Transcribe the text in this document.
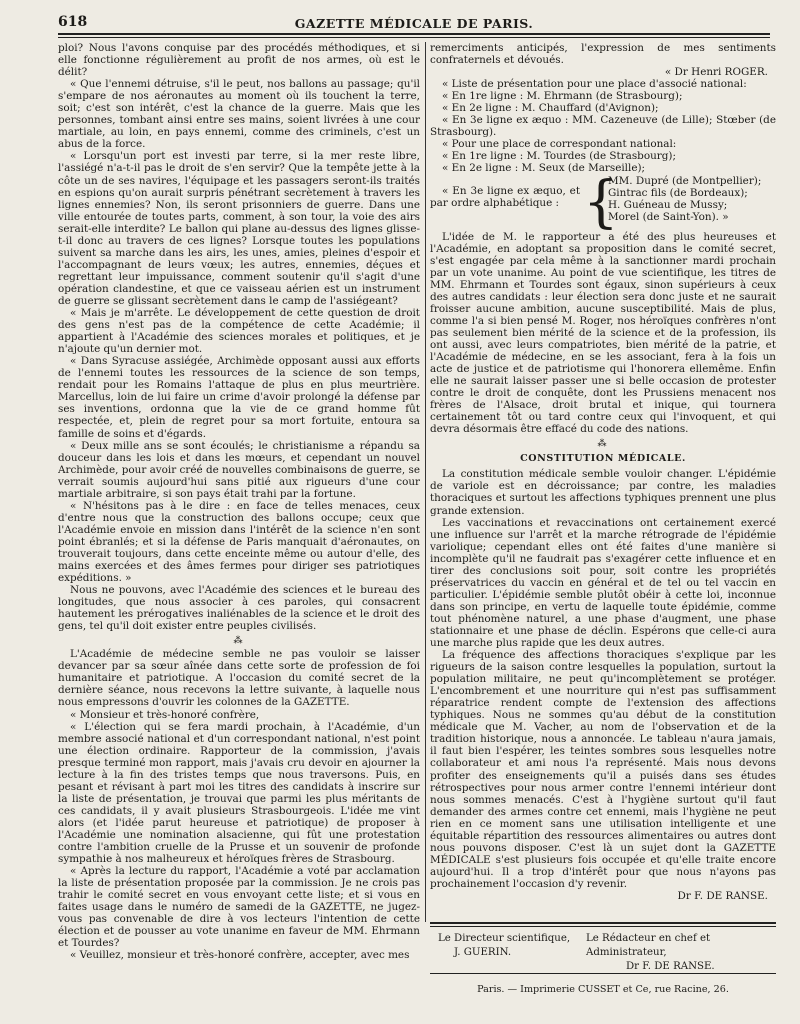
618	GAZETTE MÉDICALE DE PARIS.

ploi? Nous l'avons conquise par des procédés méthodiques, et si elle fonctionne régulièrement au profit de nos armes, où est le délit?

« Que l'ennemi détruise, s'il le peut, nos ballons au passage; qu'il s'empare de nos aéronautes au moment où ils touchent la terre, soit; c'est son intérêt, c'est la chance de la guerre. Mais que les personnes, tombant ainsi entre ses mains, soient livrées à une cour martiale, au loin, en pays ennemi, comme des criminels, c'est un abus de la force.

« Lorsqu'un port est investi par terre, si la mer reste libre, l'assiégé n'a-t-il pas le droit de s'en servir? Que la tempête jette à la côte un de ses navires, l'équipage et les passagers seront-ils traités en espions qu'on aurait surpris pénétrant secrètement à travers les lignes ennemies? Non, ils seront prisonniers de guerre. Dans une ville entourée de toutes parts, comment, à son tour, la voie des airs serait-elle interdite? Le ballon qui plane au-dessus des lignes glisse-t-il donc au travers de ces lignes? Lorsque toutes les populations suivent sa marche dans les airs, les unes, amies, pleines d'espoir et l'accompagnant de leurs vœux; les autres, ennemies, déçues et regrettant leur impuissance, comment soutenir qu'il s'agit d'une opération clandestine, et que ce vaisseau aérien est un instrument de guerre se glissant secrètement dans le camp de l'assiégeant?

« Mais je m'arrête. Le développement de cette question de droit des gens n'est pas de la compétence de cette Académie; il appartient à l'Académie des sciences morales et politiques, et je n'ajoute qu'un dernier mot.

« Dans Syracuse assiégée, Archimède opposant aussi aux efforts de l'ennemi toutes les ressources de la science de son temps, rendait pour les Romains l'attaque de plus en plus meurtrière. Marcellus, loin de lui faire un crime d'avoir prolongé la défense par ses inventions, ordonna que la vie de ce grand homme fût respectée, et, plein de regret pour sa mort fortuite, entoura sa famille de soins et d'égards.

« Deux mille ans se sont écoulés; le christianisme a répandu sa douceur dans les lois et dans les mœurs, et cependant un nouvel Archimède, pour avoir créé de nouvelles combinaisons de guerre, se verrait soumis aujourd'hui sans pitié aux rigueurs d'une cour martiale arbitraire, si son pays était trahi par la fortune.

« N'hésitons pas à le dire : en face de telles menaces, ceux d'entre nous que la construction des ballons occupe; ceux que l'Académie envoie en mission dans l'intérêt de la science n'en sont point ébranlés; et si la défense de Paris manquait d'aéronautes, on trouverait toujours, dans cette enceinte même ou autour d'elle, des mains exercées et des âmes fermes pour diriger ses patriotiques expéditions. »

Nous ne pouvons, avec l'Académie des sciences et le bureau des longitudes, que nous associer à ces paroles, qui consacrent hautement les prérogatives inaliénables de la science et le droit des gens, tel qu'il doit exister entre peuples civilisés.

⁂

L'Académie de médecine semble ne pas vouloir se laisser devancer par sa sœur aînée dans cette sorte de profession de foi humanitaire et patriotique. A l'occasion du comité secret de la dernière séance, nous recevons la lettre suivante, à laquelle nous nous empressons d'ouvrir les colonnes de la GAZETTE.

« Monsieur et très-honoré confrère,

« L'élection qui se fera mardi prochain, à l'Académie, d'un membre associé national et d'un correspondant national, n'est point une élection ordinaire. Rapporteur de la commission, j'avais presque terminé mon rapport, mais j'avais cru devoir en ajourner la lecture à la fin des tristes temps que nous traversons. Puis, en pesant et révisant à part moi les titres des candidats à inscrire sur la liste de présentation, je trouvai que parmi les plus méritants de ces candidats, il y avait plusieurs Strasbourgeois. L'idée me vint alors (et l'idée parut heureuse et patriotique) de proposer à l'Académie une nomination alsacienne, qui fût une protestation contre l'ambition cruelle de la Prusse et un souvenir de profonde sympathie à nos malheureux et héroïques frères de Strasbourg.

« Après la lecture du rapport, l'Académie a voté par acclamation la liste de présentation proposée par la commission. Je ne crois pas trahir le comité secret en vous envoyant cette liste; et si vous en faites usage dans le numéro de samedi de la GAZETTE, ne jugez-vous pas convenable de dire à vos lecteurs l'intention de cette élection et de pousser au vote unanime en faveur de MM. Ehrmann et Tourdes?

« Veuillez, monsieur et très-honoré confrère, accepter, avec mes

remerciments anticipés, l'expression de mes sentiments confraternels et dévoués.

« Dr Henri ROGER.

« Liste de présentation pour une place d'associé national:

« En 1re ligne : M. Ehrmann (de Strasbourg);

« En 2e ligne : M. Chauffard (d'Avignon);

« En 3e ligne ex æquo : MM. Cazeneuve (de Lille); Stœber (de Strasbourg).

« Pour une place de correspondant national:

« En 1re ligne : M. Tourdes (de Strasbourg);

« En 2e ligne : M. Seux (de Marseille);

« En 3e ligne ex æquo, et par ordre alphabétique : {
MM. Dupré (de Montpellier);
Gintrac fils (de Bordeaux);
H. Guéneau de Mussy;
Morel (de Saint-Yon). »

L'idée de M. le rapporteur a été des plus heureuses et l'Académie, en adoptant sa proposition dans le comité secret, s'est engagée par cela même à la sanctionner mardi prochain par un vote unanime. Au point de vue scientifique, les titres de MM. Ehrmann et Tourdes sont égaux, sinon supérieurs à ceux des autres candidats : leur élection sera donc juste et ne saurait froisser aucune ambition, aucune susceptibilité. Mais de plus, comme l'a si bien pensé M. Roger, nos héroïques confrères n'ont pas seulement bien mérité de la science et de la profession, ils ont aussi, avec leurs compatriotes, bien mérité de la patrie, et l'Académie de médecine, en se les associant, fera à la fois un acte de justice et de patriotisme qui l'honorera ellemême. Enfin elle ne saurait laisser passer une si belle occasion de protester contre le droit de conquête, dont les Prussiens menacent nos frères de l'Alsace, droit brutal et inique, qui tournera certainement tôt ou tard contre ceux qui l'invoquent, et qui devra désormais être effacé du code des nations.

⁂
CONSTITUTION MÉDICALE.

La constitution médicale semble vouloir changer. L'épidémie de variole est en décroissance; par contre, les maladies thoraciques et surtout les affections typhiques prennent une plus grande extension.

Les vaccinations et revaccinations ont certainement exercé une influence sur l'arrêt et la marche rétrograde de l'épidémie variolique; cependant elles ont été faites d'une manière si incomplète qu'il ne faudrait pas s'exagérer cette influence et en tirer des conclusions soit pour, soit contre les propriétés préservatrices du vaccin en général et de tel ou tel vaccin en particulier. L'épidémie semble plutôt obéir à cette loi, inconnue dans son principe, en vertu de laquelle toute épidémie, comme tout phénomène naturel, a une phase d'augment, une phase stationnaire et une phase de déclin. Espérons que celle-ci aura une marche plus rapide que les deux autres.

La fréquence des affections thoraciques s'explique par les rigueurs de la saison contre lesquelles la population, surtout la population militaire, ne peut qu'incomplètement se protéger. L'encombrement et une nourriture qui n'est pas suffisamment réparatrice rendent compte de l'extension des affections typhiques. Nous ne sommes qu'au début de la constitution médicale que M. Vacher, au nom de l'observation et de la tradition historique, nous a annoncée. Le tableau n'aura jamais, il faut bien l'espérer, les teintes sombres sous lesquelles notre collaborateur et ami nous l'a représenté. Mais nous devons profiter des enseignements qu'il a puisés dans ses études rétrospectives pour nous armer contre l'ennemi intérieur dont nous sommes menacés. C'est à l'hygiène surtout qu'il faut demander des armes contre cet ennemi, mais l'hygiène ne peut rien en ce moment sans une utilisation intelligente et une équitable répartition des ressources alimentaires ou autres dont nous pouvons disposer. C'est là un sujet dont la GAZETTE MÉDICALE s'est plusieurs fois occupée et qu'elle traite encore aujourd'hui. Il a trop d'intérêt pour que nous n'ayons pas prochainement l'occasion d'y revenir.

Dr F. DE RANSE.

Le Directeur scientifique,
J. GUERIN.
Le Rédacteur en chef et Administrateur,
Dr F. DE RANSE.
Paris. — Imprimerie CUSSET et Ce, rue Racine, 26.
